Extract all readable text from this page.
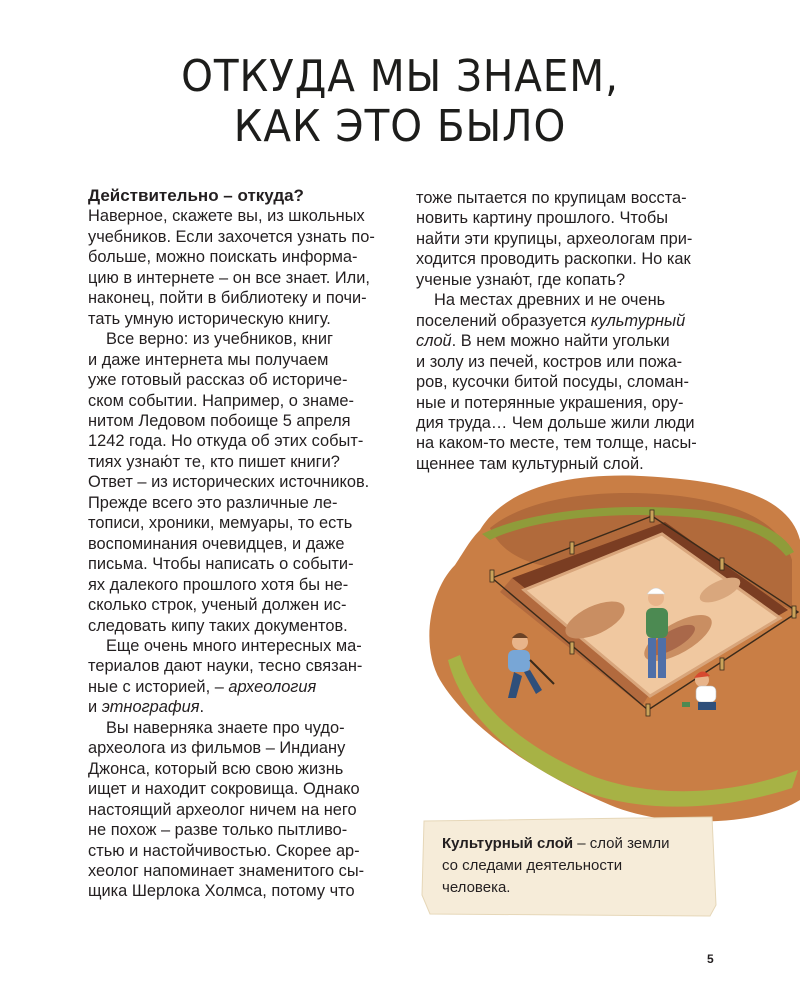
ОТКУДА МЫ ЗНАЕМ,
КАК ЭТО БЫЛО

Действительно – откуда?

Наверное, скажете вы, из школьных

учебников. Если захочется узнать по-

больше, можно поискать информа-

цию в интернете – он все знает. Или,

наконец, пойти в библиотеку и почи-

тать умную историческую книгу.

Все верно: из учебников, книг

и даже интернета мы получаем

уже готовый рассказ об историче-

ском событии. Например, о знаме-

нитом Ледовом побоище 5 апреля

1242 года. Но откуда об этих событ-

тиях узнаю́т те, кто пишет книги?

Ответ – из исторических источников.

Прежде всего это различные ле-

тописи, хроники, мемуары, то есть

воспоминания очевидцев, и даже

письма. Чтобы написать о событи-

ях далекого прошлого хотя бы не-

сколько строк, ученый должен ис-

следовать кипу таких документов.

Еще очень много интересных ма-

териалов дают науки, тесно связан-

ные с историей, – археология

и этнография.

Вы наверняка знаете про чудо-

археолога из фильмов – Индиану

Джонса, который всю свою жизнь

ищет и находит сокровища. Однако

настоящий археолог ничем на него

не похож – разве только пытливо-

стью и настойчивостью. Скорее ар-

хеолог напоминает знаменитого сы-

щика Шерлока Холмса, потому что

тоже пытается по крупицам восста-

новить картину прошлого. Чтобы

найти эти крупицы, археологам при-

ходится проводить раскопки. Но как

ученые узнаю́т, где копать?

На местах древних и не очень

поселений образуется культурный

слой. В нем можно найти угольки

и золу из печей, костров или пожа-

ров, кусочки битой посуды, сломан-

ные и потерянные украшения, ору-

дия труда… Чем дольше жили люди

на каком-то месте, тем толще, насы-

щеннее там культурный слой.

Культурный слой – слой земли

со следами деятельности

человека.

5
